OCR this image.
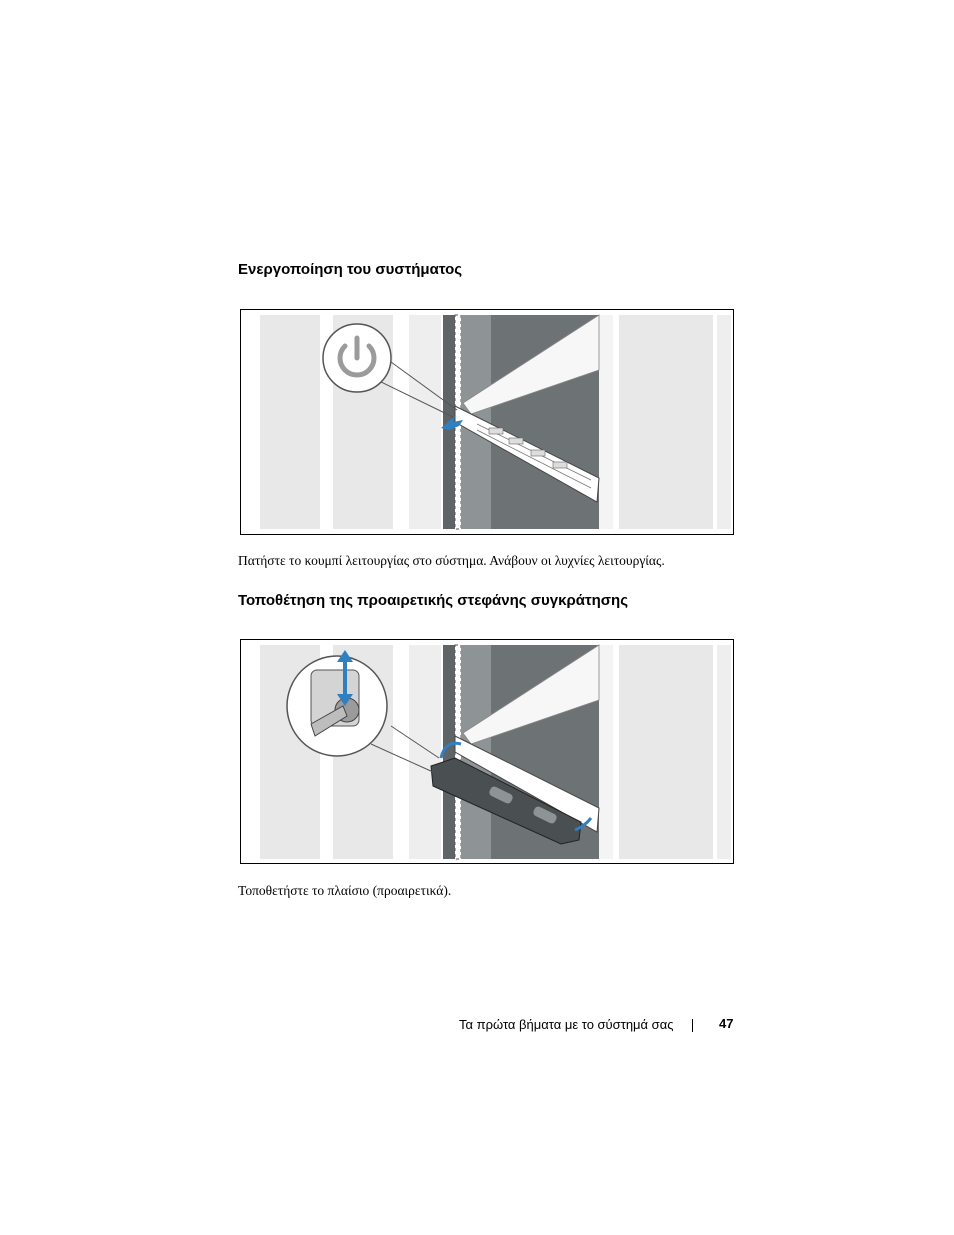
Ενεργοποίηση του συστήματος
Πατήστε το κουμπί λειτουργίας στο σύστημα. Ανάβουν οι λυχνίες λειτουργίας.
Τοποθέτηση της προαιρετικής στεφάνης συγκράτησης
Τοποθετήστε το πλαίσιο (προαιρετικά).
Τα πρώτα βήματα με το σύστημά σας	47
